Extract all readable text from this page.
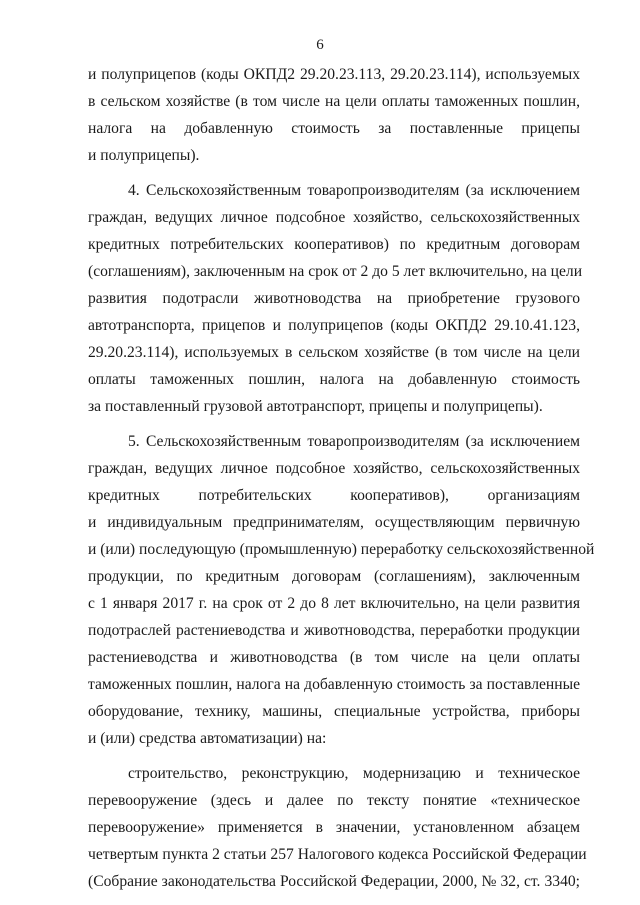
6
и полуприцепов (коды ОКПД2 29.20.23.113, 29.20.23.114), используемых
в сельском хозяйстве (в том числе на цели оплаты таможенных пошлин,
налога на добавленную стоимость за поставленные прицепы
и полуприцепы).
4. Сельскохозяйственным товаропроизводителям (за исключением
граждан, ведущих личное подсобное хозяйство, сельскохозяйственных
кредитных потребительских кооперативов) по кредитным договорам
(соглашениям), заключенным на срок от 2 до 5 лет включительно, на цели
развития подотрасли животноводства на приобретение грузового
автотранспорта, прицепов и полуприцепов (коды ОКПД2 29.10.41.123,
29.20.23.114), используемых в сельском хозяйстве (в том числе на цели
оплаты таможенных пошлин, налога на добавленную стоимость
за поставленный грузовой автотранспорт, прицепы и полуприцепы).
5. Сельскохозяйственным товаропроизводителям (за исключением
граждан, ведущих личное подсобное хозяйство, сельскохозяйственных
кредитных потребительских кооперативов), организациям
и индивидуальным предпринимателям, осуществляющим первичную
и (или) последующую (промышленную) переработку сельскохозяйственной
продукции, по кредитным договорам (соглашениям), заключенным
с 1 января 2017 г. на срок от 2 до 8 лет включительно, на цели развития
подотраслей растениеводства и животноводства, переработки продукции
растениеводства и животноводства (в том числе на цели оплаты
таможенных пошлин, налога на добавленную стоимость за поставленные
оборудование, технику, машины, специальные устройства, приборы
и (или) средства автоматизации) на:
строительство, реконструкцию, модернизацию и техническое
перевооружение (здесь и далее по тексту понятие «техническое
перевооружение» применяется в значении, установленном абзацем
четвертым пункта 2 статьи 257 Налогового кодекса Российской Федерации
(Собрание законодательства Российской Федерации, 2000, № 32, ст. 3340;
